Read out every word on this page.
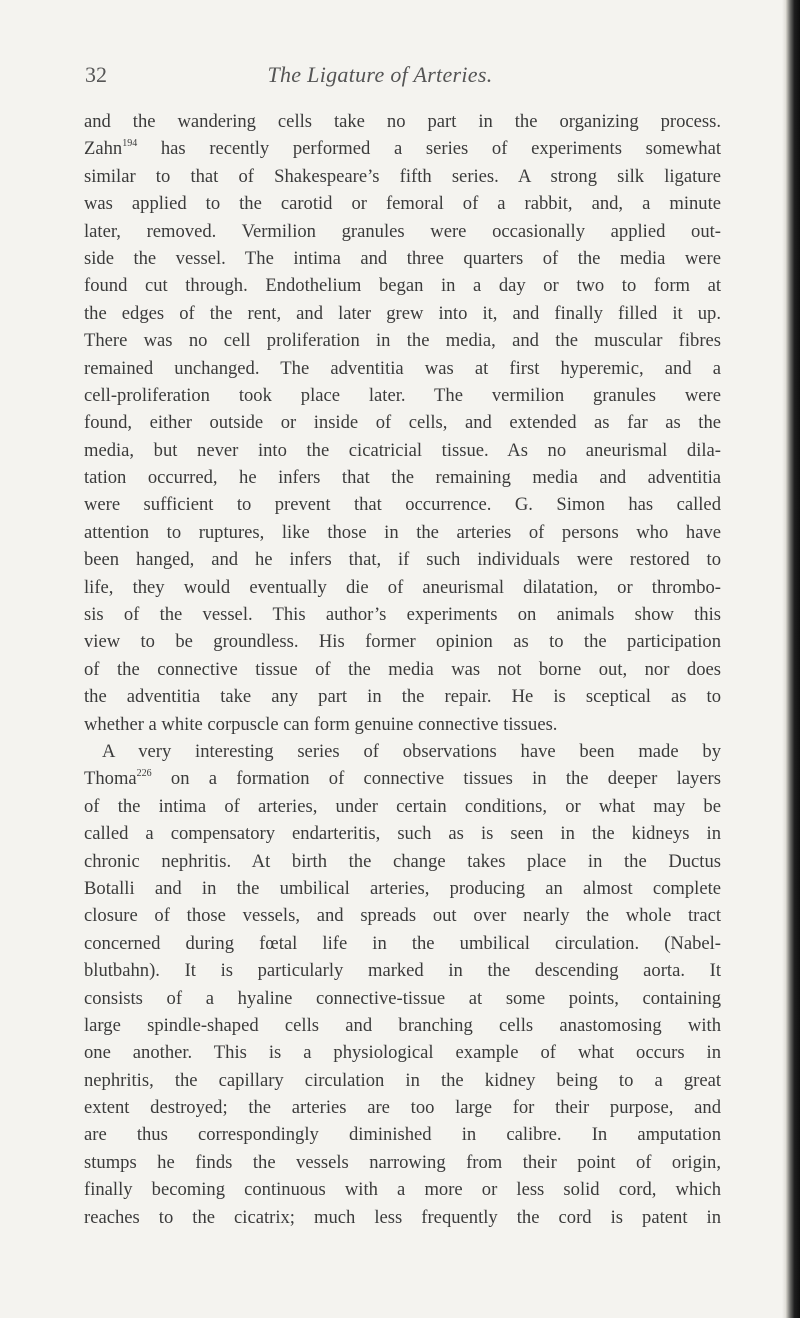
32	The Ligature of Arteries.
and the wandering cells take no part in the organizing process.
Zahn$^{194}$ has recently performed a series of experiments somewhat
similar to that of Shakespeare’s fifth series. A strong silk ligature
was applied to the carotid or femoral of a rabbit, and, a minute
later, removed. Vermilion granules were occasionally applied out-
side the vessel. The intima and three quarters of the media were
found cut through. Endothelium began in a day or two to form at
the edges of the rent, and later grew into it, and finally filled it up.
There was no cell proliferation in the media, and the muscular fibres
remained unchanged. The adventitia was at first hyperemic, and a
cell-proliferation took place later. The vermilion granules were
found, either outside or inside of cells, and extended as far as the
media, but never into the cicatricial tissue. As no aneurismal dila-
tation occurred, he infers that the remaining media and adventitia
were sufficient to prevent that occurrence. G. Simon has called
attention to ruptures, like those in the arteries of persons who have
been hanged, and he infers that, if such individuals were restored to
life, they would eventually die of aneurismal dilatation, or thrombo-
sis of the vessel. This author’s experiments on animals show this
view to be groundless. His former opinion as to the participation
of the connective tissue of the media was not borne out, nor does
the adventitia take any part in the repair. He is sceptical as to
whether a white corpuscle can form genuine connective tissues.
A very interesting series of observations have been made by
Thoma$^{226}$ on a formation of connective tissues in the deeper layers
of the intima of arteries, under certain conditions, or what may be
called a compensatory endarteritis, such as is seen in the kidneys in
chronic nephritis. At birth the change takes place in the Ductus
Botalli and in the umbilical arteries, producing an almost complete
closure of those vessels, and spreads out over nearly the whole tract
concerned during fœtal life in the umbilical circulation. (Nabel-
blutbahn). It is particularly marked in the descending aorta. It
consists of a hyaline connective-tissue at some points, containing
large spindle-shaped cells and branching cells anastomosing with
one another. This is a physiological example of what occurs in
nephritis, the capillary circulation in the kidney being to a great
extent destroyed; the arteries are too large for their purpose, and
are thus correspondingly diminished in calibre. In amputation
stumps he finds the vessels narrowing from their point of origin,
finally becoming continuous with a more or less solid cord, which
reaches to the cicatrix; much less frequently the cord is patent in
